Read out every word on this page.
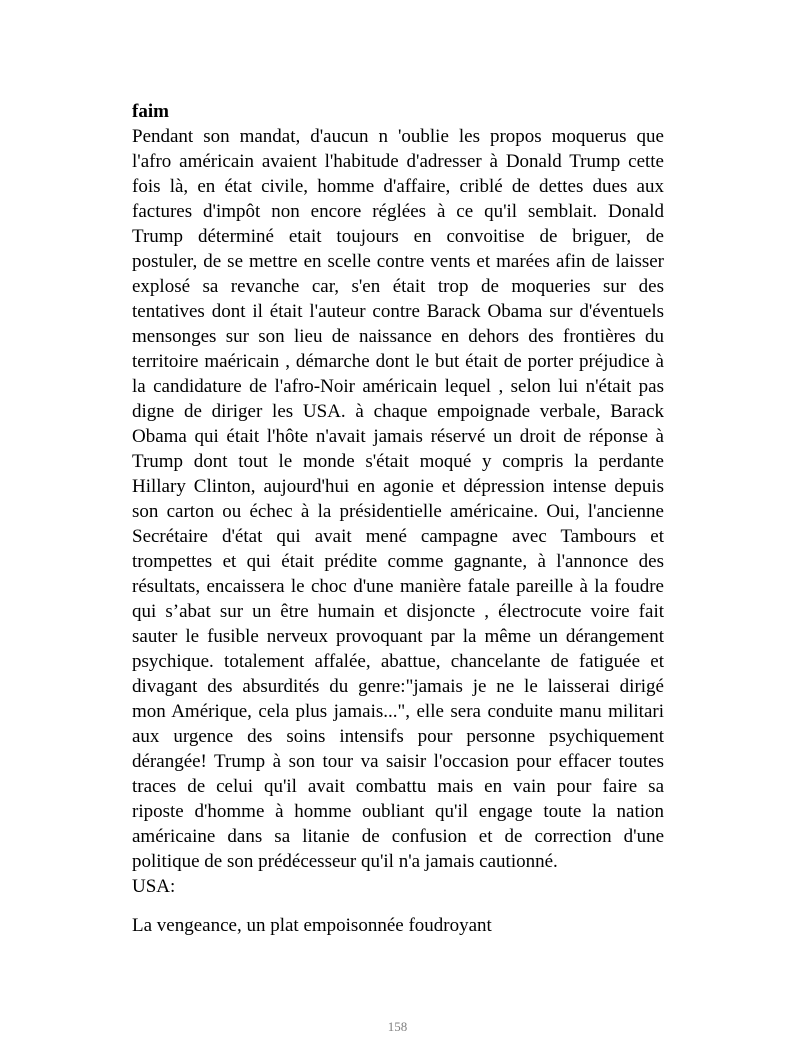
faim

Pendant son mandat, d'aucun n 'oublie les propos moquerus que
l'afro américain avaient l'habitude d'adresser à Donald Trump cette
fois là, en état civile, homme d'affaire, criblé de dettes dues aux
factures d'impôt non encore réglées à ce qu'il semblait. Donald
Trump déterminé etait toujours en convoitise de briguer, de
postuler, de se mettre en scelle contre vents et marées afin de laisser
explosé sa revanche car, s'en était trop de moqueries sur des
tentatives dont il était l'auteur contre Barack Obama sur d'éventuels
mensonges sur son lieu de naissance en dehors des frontières du
territoire maéricain , démarche dont le but était de porter préjudice à
la candidature de l'afro-Noir américain lequel , selon lui n'était pas
digne de diriger les USA. à chaque empoignade verbale, Barack
Obama qui était l'hôte n'avait jamais réservé un droit de réponse à
Trump dont tout le monde s'était moqué y compris la perdante
Hillary Clinton, aujourd'hui en agonie et dépression intense depuis
son carton ou échec à la présidentielle américaine. Oui, l'ancienne
Secrétaire d'état qui avait mené campagne avec Tambours et
trompettes et qui était prédite comme gagnante, à l'annonce des
résultats, encaissera le choc d'une manière fatale pareille à la foudre
qui s’abat sur un être humain et disjoncte , électrocute voire fait
sauter le fusible nerveux provoquant par la même un dérangement
psychique. totalement affalée, abattue, chancelante de fatiguée et
divagant des absurdités du genre:"jamais je ne le laisserai dirigé
mon Amérique, cela plus jamais...", elle sera conduite manu militari
aux urgence des soins intensifs pour personne psychiquement
dérangée! Trump à son tour va saisir l'occasion pour effacer toutes
traces de celui qu'il avait combattu mais en vain pour faire sa
riposte d'homme à homme oubliant qu'il engage toute la nation
américaine dans sa litanie de confusion et de correction d'une
politique de son prédécesseur qu'il n'a jamais cautionné.

USA:

La vengeance, un plat empoisonnée foudroyant

158
